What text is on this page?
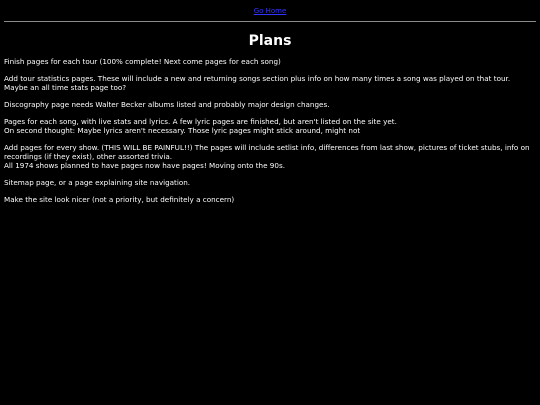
Go Home
Plans
Finish pages for each tour (100% complete! Next come pages for each song)
Add tour statistics pages. These will include a new and returning songs section plus info on how many times a song was played on that tour. Maybe an all time stats page too?
Discography page needs Walter Becker albums listed and probably major design changes.
Pages for each song, with live stats and lyrics. A few lyric pages are finished, but aren't listed on the site yet.
On second thought: Maybe lyrics aren't necessary. Those lyric pages might stick around, might not
Add pages for every show. (THIS WILL BE PAINFUL!!) The pages will include setlist info, differences from last show, pictures of ticket stubs, info on recordings (if they exist), other assorted trivia.
All 1974 shows planned to have pages now have pages! Moving onto the 90s.
Sitemap page, or a page explaining site navigation.
Make the site look nicer (not a priority, but definitely a concern)
